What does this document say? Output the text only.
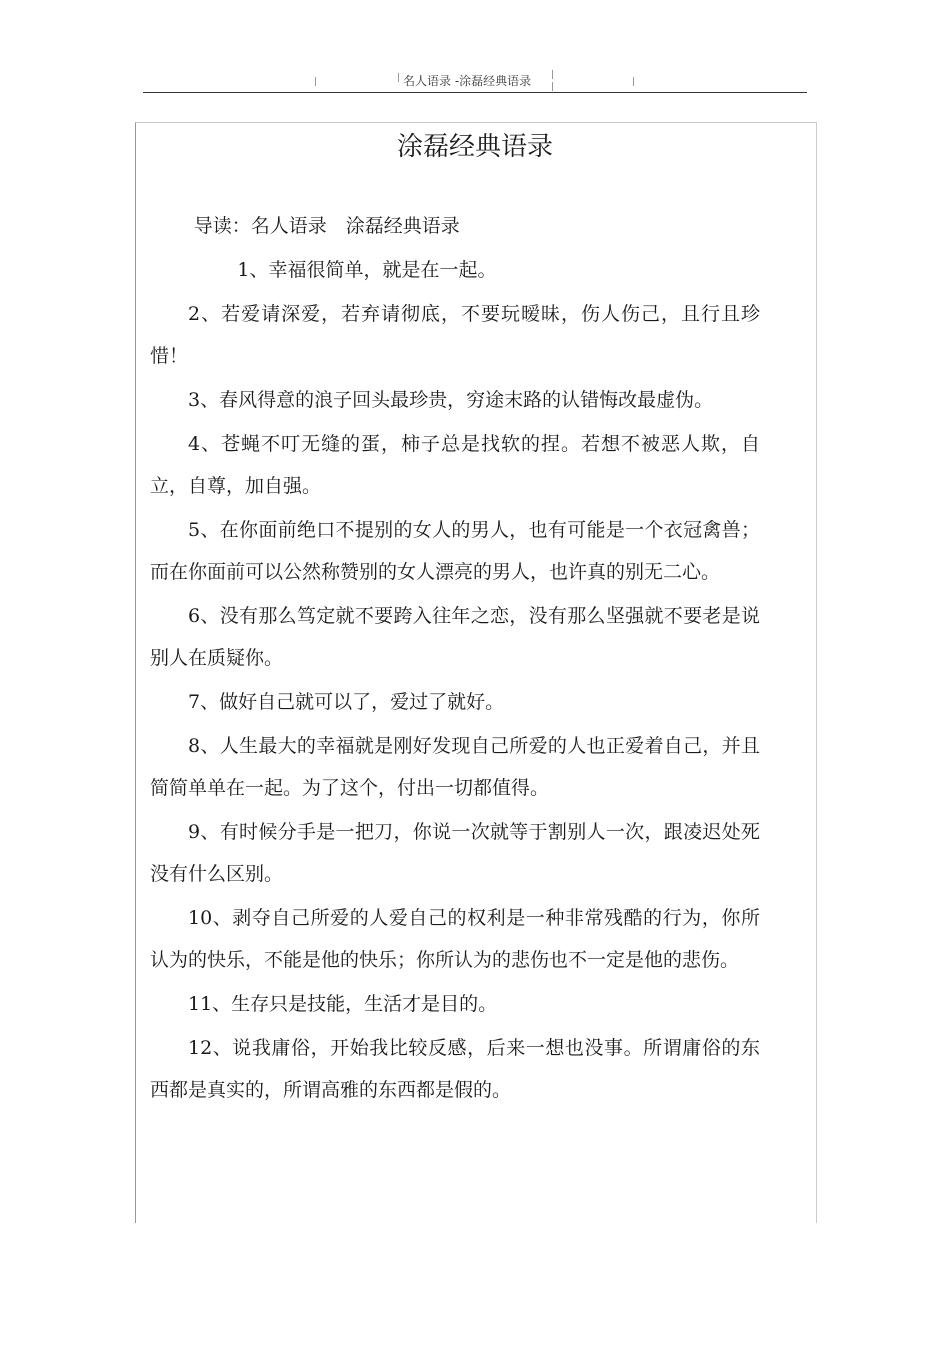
名人语录 -涂磊经典语录
涂磊经典语录

导读：名人语录　涂磊经典语录

1、幸福很简单，就是在一起。

2、若爱请深爱，若弃请彻底，不要玩暧昧，伤人伤己，且行且珍惜！

3、春风得意的浪子回头最珍贵，穷途末路的认错悔改最虚伪。

4、苍蝇不叮无缝的蛋，柿子总是找软的捏。若想不被恶人欺，自立，自尊，加自强。

5、在你面前绝口不提别的女人的男人，也有可能是一个衣冠禽兽；而在你面前可以公然称赞别的女人漂亮的男人，也许真的别无二心。

6、没有那么笃定就不要跨入往年之恋，没有那么坚强就不要老是说别人在质疑你。

7、做好自己就可以了，爱过了就好。

8、人生最大的幸福就是刚好发现自己所爱的人也正爱着自己，并且简简单单在一起。为了这个，付出一切都值得。

9、有时候分手是一把刀，你说一次就等于割别人一次，跟凌迟处死没有什么区别。

10、剥夺自己所爱的人爱自己的权利是一种非常残酷的行为，你所认为的快乐，不能是他的快乐；你所认为的悲伤也不一定是他的悲伤。

11、生存只是技能，生活才是目的。

12、说我庸俗，开始我比较反感，后来一想也没事。所谓庸俗的东西都是真实的，所谓高雅的东西都是假的。
